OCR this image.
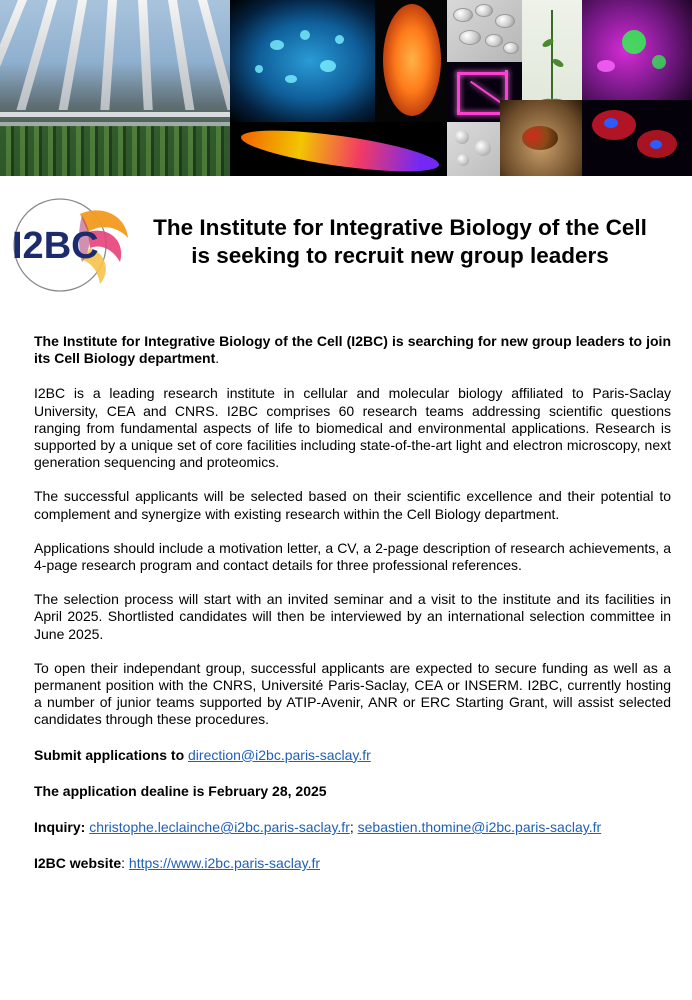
I2BC	The Institute for Integrative Biology of the Cell
is seeking to recruit new group leaders

The Institute for Integrative Biology of the Cell (I2BC) is searching for new group leaders to join its Cell Biology department.

I2BC is a leading research institute in cellular and molecular biology affiliated to Paris-Saclay University, CEA and CNRS. I2BC comprises 60 research teams addressing scientific questions ranging from fundamental aspects of life to biomedical and environmental applications. Research is supported by a unique set of core facilities including state-of-the-art light and electron microscopy, next generation sequencing and proteomics.

The successful applicants will be selected based on their scientific excellence and their potential to complement and synergize with existing research within the Cell Biology department.

Applications should include a motivation letter, a CV, a 2-page description of research achievements, a 4-page research program and contact details for three professional references.

The selection process will start with an invited seminar and a visit to the institute and its facilities in April 2025. Shortlisted candidates will then be interviewed by an international selection committee in June 2025.

To open their independant group, successful applicants are expected to secure funding as well as a permanent position with the CNRS, Université Paris-Saclay, CEA or INSERM. I2BC, currently hosting a number of junior teams supported by ATIP-Avenir, ANR or ERC Starting Grant, will assist selected candidates through these procedures.

Submit applications to direction@i2bc.paris-saclay.fr

The application dealine is February 28, 2025

Inquiry: christophe.leclainche@i2bc.paris-saclay.fr; sebastien.thomine@i2bc.paris-saclay.fr

I2BC website: https://www.i2bc.paris-saclay.fr
